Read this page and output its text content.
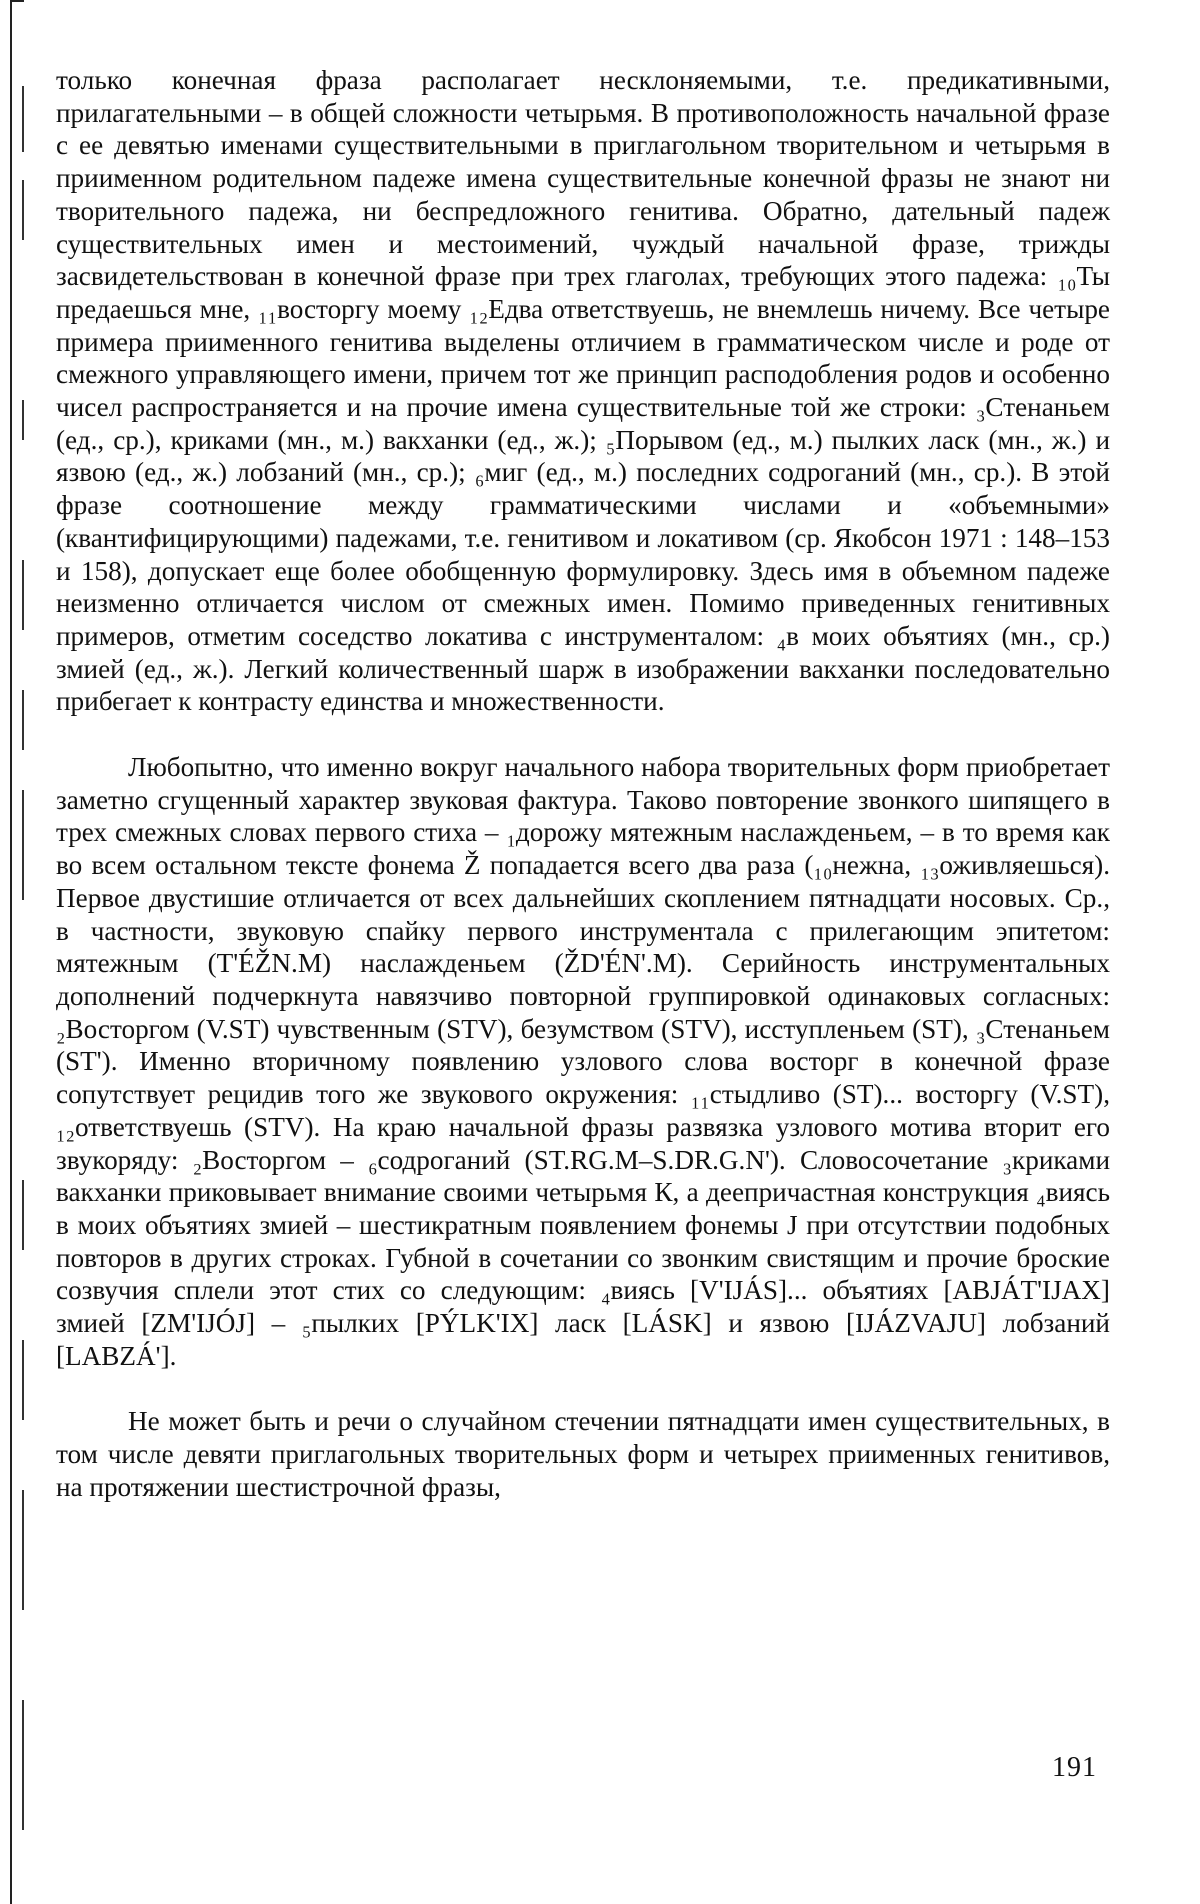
только конечная фраза располагает несклоняемыми, т.е. предикативными, прилагательными – в общей сложности четырьмя. В противоположность начальной фразе с ее девятью именами существительными в приглагольном творительном и четырьмя в приименном родительном падеже имена существительные конечной фразы не знают ни творительного падежа, ни беспредложного генитива. Обратно, дательный падеж существительных имен и местоимений, чуждый начальной фразе, трижды засвидетельствован в конечной фразе при трех глаголах, требующих этого падежа: ₁₀Ты предаешься мне, ₁₁восторгу моему ₁₂Едва ответствуешь, не внемлешь ничему. Все четыре примера приименного генитива выделены отличием в грамматическом числе и роде от смежного управляющего имени, причем тот же принцип расподобления родов и особенно чисел распространяется и на прочие имена существительные той же строки: ₃Стенаньем (ед., ср.), криками (мн., м.) вакханки (ед., ж.); ₅Порывом (ед., м.) пылких ласк (мн., ж.) и язвою (ед., ж.) лобзаний (мн., ср.); ₆миг (ед., м.) последних содроганий (мн., ср.). В этой фразе соотношение между грамматическими числами и «объемными» (квантифицирующими) падежами, т.е. генитивом и локативом (ср. Якобсон 1971 : 148–153 и 158), допускает еще более обобщенную формулировку. Здесь имя в объемном падеже неизменно отличается числом от смежных имен. Помимо приведенных генитивных примеров, отметим соседство локатива с инструменталом: ₄в моих объятиях (мн., ср.) змией (ед., ж.). Легкий количественный шарж в изображении вакханки последовательно прибегает к контрасту единства и множественности.

Любопытно, что именно вокруг начального набора творительных форм приобретает заметно сгущенный характер звуковая фактура. Таково повторение звонкого шипящего в трех смежных словах первого стиха – ₁дорожу мятежным наслажденьем, – в то время как во всем остальном тексте фонема Ž попадается всего два раза (₁₀нежна, ₁₃оживляешься). Первое двустишие отличается от всех дальнейших скоплением пятнадцати носовых. Ср., в частности, звуковую спайку первого инструментала с прилегающим эпитетом: мятежным (T'ÉŽN.M) наслажденьем (ŽD'ÉN'.M). Серийность инструментальных дополнений подчеркнута навязчиво повторной группировкой одинаковых согласных: ₂Восторгом (V.ST) чувственным (STV), безумством (STV), исступленьем (ST), ₃Стенаньем (ST'). Именно вторичному появлению узлового слова восторг в конечной фразе сопутствует рецидив того же звукового окружения: ₁₁стыдливо (ST)... восторгу (V.ST), ₁₂ответствуешь (STV). На краю начальной фразы развязка узлового мотива вторит его звукоряду: ₂Восторгом – ₆содроганий (ST.RG.M–S.DR.G.N'). Словосочетание ₃криками вакханки приковывает внимание своими четырьмя К, а деепричастная конструкция ₄виясь в моих объятиях змией – шестикратным появлением фонемы J при отсутствии подобных повторов в других строках. Губной в сочетании со звонким свистящим и прочие броские созвучия сплели этот стих со следующим: ₄виясь [V'IJÁS]... объятиях [ABJÁT'IJAX] змией [ZM'IJÓJ] – ₅пылких [PÝLK'IX] ласк [LÁSK] и язвою [IJÁZVAJU] лобзаний [LABZÁ'].

Не может быть и речи о случайном стечении пятнадцати имен существительных, в том числе девяти приглагольных творительных форм и четырех приименных генитивов, на протяжении шестистрочной фразы,

191
